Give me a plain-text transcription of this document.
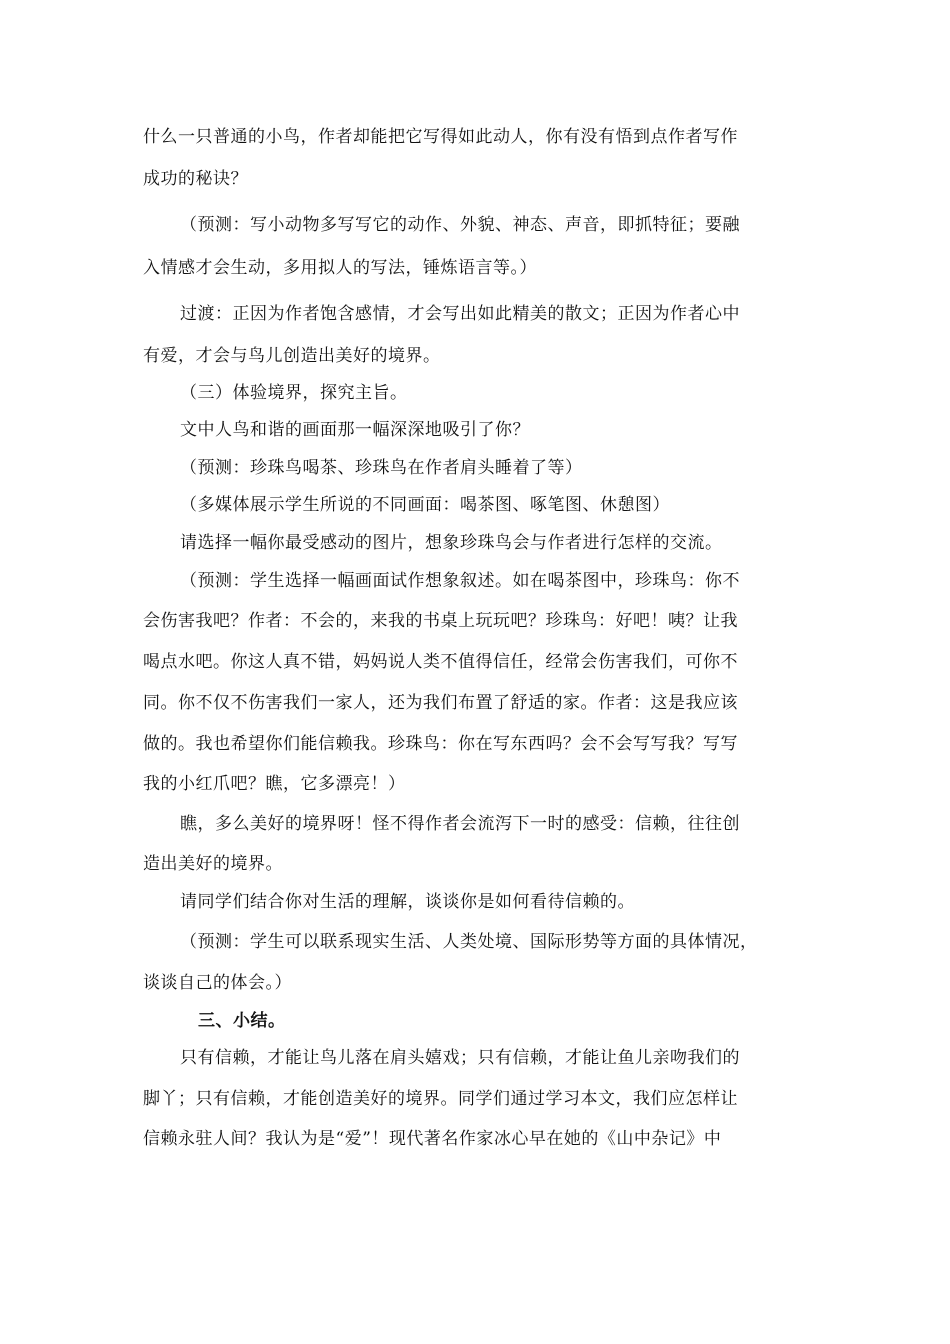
什么一只普通的小鸟，作者却能把它写得如此动人，你有没有悟到点作者写作
成功的秘诀？
（预测：写小动物多写写它的动作、外貌、神态、声音，即抓特征；要融
入情感才会生动，多用拟人的写法，锤炼语言等。）
过渡：正因为作者饱含感情，才会写出如此精美的散文；正因为作者心中
有爱，才会与鸟儿创造出美好的境界。
（三）体验境界，探究主旨。
文中人鸟和谐的画面那一幅深深地吸引了你？
（预测：珍珠鸟喝茶、珍珠鸟在作者肩头睡着了等）
（多媒体展示学生所说的不同画面：喝茶图、啄笔图、休憩图）
请选择一幅你最受感动的图片，想象珍珠鸟会与作者进行怎样的交流。
（预测：学生选择一幅画面试作想象叙述。如在喝茶图中，珍珠鸟：你不
会伤害我吧？作者：不会的，来我的书桌上玩玩吧？珍珠鸟：好吧！咦？让我
喝点水吧。你这人真不错，妈妈说人类不值得信任，经常会伤害我们，可你不
同。你不仅不伤害我们一家人，还为我们布置了舒适的家。作者：这是我应该
做的。我也希望你们能信赖我。珍珠鸟：你在写东西吗？会不会写写我？写写
我的小红爪吧？瞧，它多漂亮！）
瞧，多么美好的境界呀！怪不得作者会流泻下一时的感受：信赖，往往创
造出美好的境界。
请同学们结合你对生活的理解，谈谈你是如何看待信赖的。
（预测：学生可以联系现实生活、人类处境、国际形势等方面的具体情况，
谈谈自己的体会。）
三、小结。
只有信赖，才能让鸟儿落在肩头嬉戏；只有信赖，才能让鱼儿亲吻我们的
脚丫；只有信赖，才能创造美好的境界。同学们通过学习本文，我们应怎样让
信赖永驻人间？我认为是“爱”！现代著名作家冰心早在她的《山中杂记》中
